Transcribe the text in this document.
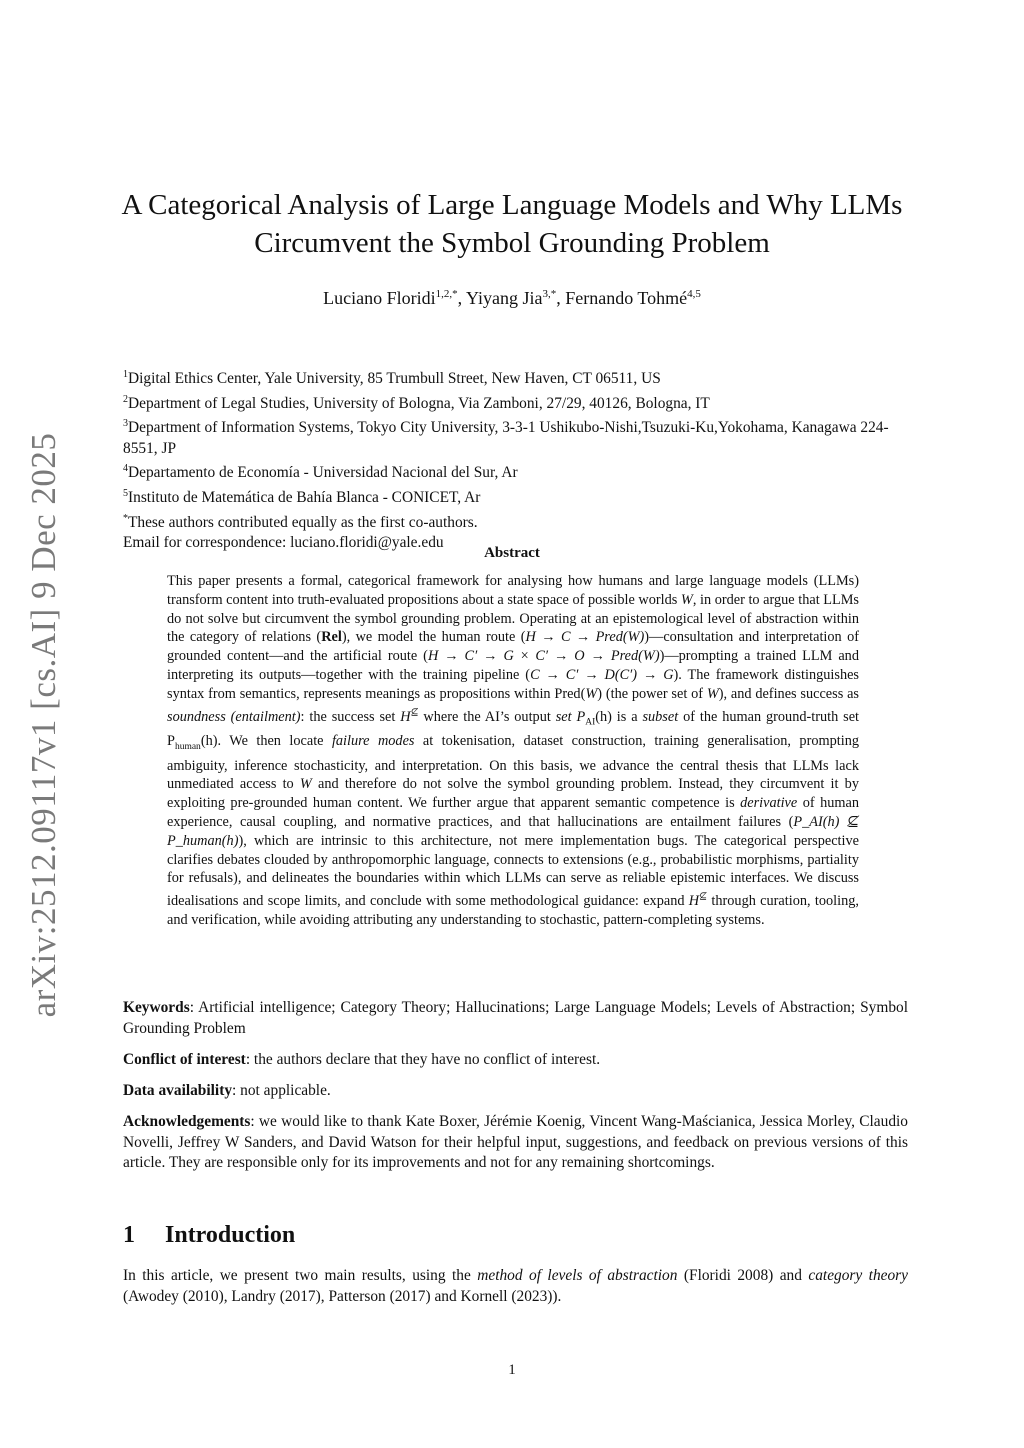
arXiv:2512.09117v1 [cs.AI] 9 Dec 2025
A Categorical Analysis of Large Language Models and Why LLMs
Circumvent the Symbol Grounding Problem
Luciano Floridi$^{1,2,*}$, Yiyang Jia$^{3,*}$, Fernando Tohmé$^{4,5}$
$^1$Digital Ethics Center, Yale University, 85 Trumbull Street, New Haven, CT 06511, US
$^2$Department of Legal Studies, University of Bologna, Via Zamboni, 27/29, 40126, Bologna, IT
$^3$Department of Information Systems, Tokyo City University, 3-3-1 Ushikubo-Nishi,Tsuzuki-Ku,Yokohama, Kanagawa 224-8551, JP
$^4$Departamento de Economía - Universidad Nacional del Sur, Ar
$^5$Instituto de Matemática de Bahía Blanca - CONICET, Ar
*These authors contributed equally as the first co-authors.
Email for correspondence: luciano.floridi@yale.edu
Abstract

This paper presents a formal, categorical framework for analysing how humans and large language models (LLMs) transform content into truth-evaluated propositions about a state space of possible worlds W, in order to argue that LLMs do not solve but circumvent the symbol grounding problem. Operating at an epistemological level of abstraction within the category of relations (Rel), we model the human route (H → C → Pred(W))—consultation and interpretation of grounded content—and the artificial route (H → C′ → G × C′ → O → Pred(W))—prompting a trained LLM and interpreting its outputs—together with the training pipeline (C → C′ → D(C′) → G). The framework distinguishes syntax from semantics, represents meanings as propositions within Pred(W) (the power set of W), and defines success as soundness (entailment): the success set H⊈ where the AI’s output set $P_{AI}(h)$ is a subset of the human ground-truth set $P_{human}(h)$. We then locate failure modes at tokenisation, dataset construction, training generalisation, prompting ambiguity, inference stochasticity, and interpretation. On this basis, we advance the central thesis that LLMs lack unmediated access to W and therefore do not solve the symbol grounding problem. Instead, they circumvent it by exploiting pre-grounded human content. We further argue that apparent semantic competence is derivative of human experience, causal coupling, and normative practices, and that hallucinations are entailment failures (P_AI(h) ⊈ P_human(h)), which are intrinsic to this architecture, not mere implementation bugs. The categorical perspective clarifies debates clouded by anthropomorphic language, connects to extensions (e.g., probabilistic morphisms, partiality for refusals), and delineates the boundaries within which LLMs can serve as reliable epistemic interfaces. We discuss idealisations and scope limits, and conclude with some methodological guidance: expand H⊈ through curation, tooling, and verification, while avoiding attributing any understanding to stochastic, pattern-completing systems.

Keywords: Artificial intelligence; Category Theory; Hallucinations; Large Language Models; Levels of Abstraction; Symbol Grounding Problem

Conflict of interest: the authors declare that they have no conflict of interest.

Data availability: not applicable.

Acknowledgements: we would like to thank Kate Boxer, Jérémie Koenig, Vincent Wang-Maścianica, Jessica Morley, Claudio Novelli, Jeffrey W Sanders, and David Watson for their helpful input, suggestions, and feedback on previous versions of this article. They are responsible only for its improvements and not for any remaining shortcomings.

1 Introduction

In this article, we present two main results, using the method of levels of abstraction (Floridi 2008) and category theory (Awodey (2010), Landry (2017), Patterson (2017) and Kornell (2023)).

1
